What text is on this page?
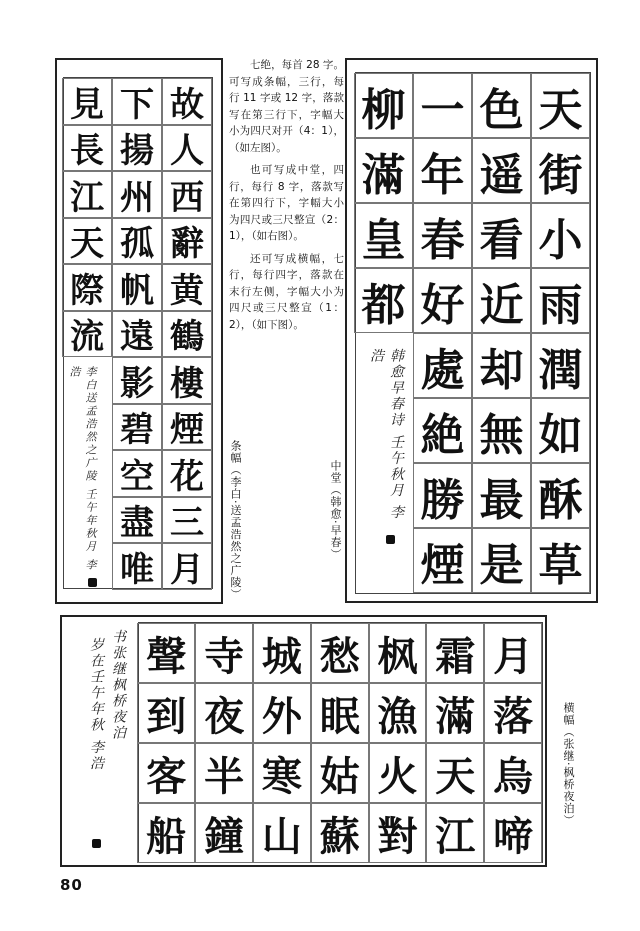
七绝，每首 28 字。可写成条幅，三行，每行 11 字或 12 字，落款写在第三行下，字幅大小为四尺对开（4：1），（如左图）。

也可写成中堂，四行，每行 8 字，落款写在第四行下，字幅大小为四尺或三尺整宣（2：1），（如右图）。

还可写成横幅，七行，每行四字，落款在末行左侧，字幅大小为四尺或三尺整宣（1：2），（如下图）。

故
人
西
辭
黄
鶴
樓
煙
花
三
月
下
揚
州
孤
帆
遠
影
碧
空
盡
唯
見
長
江
天
際
流
李白送孟浩然之广陵 壬午年秋月 李浩
条幅（李白·送孟浩然之广陵）
天
街
小
雨
潤
如
酥
草
色
遥
看
近
却
無
最
是
一
年
春
好
處
絶
勝
煙
柳
滿
皇
都
韩愈早春诗 壬午秋月 李浩
中堂（韩愈·早春）
月
落
烏
啼
霜
滿
天
江
枫
漁
火
對
愁
眠
姑
蘇
城
外
寒
山
寺
夜
半
鐘
聲
到
客
船
书张继枫桥夜泊
岁在壬午年秋 李浩	横幅（张继·枫桥夜泊）
80
